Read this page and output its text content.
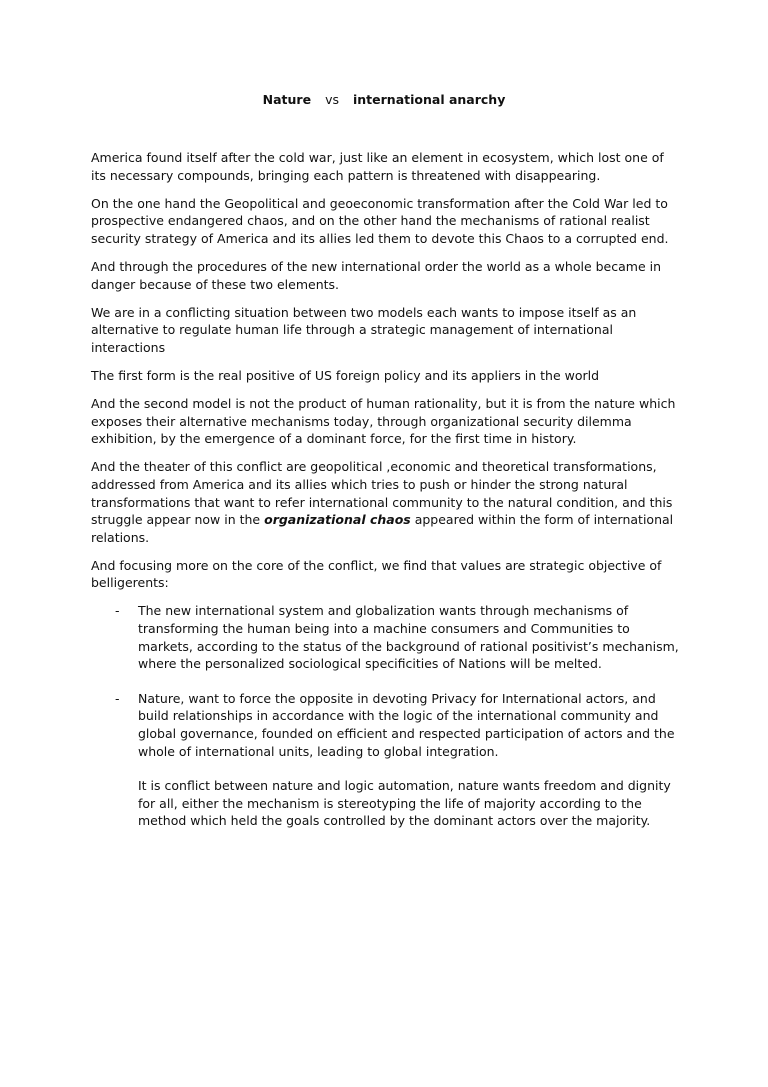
Nature vs international anarchy

America found itself after the cold war, just like an element in ecosystem, which lost one of its necessary compounds, bringing each pattern is threatened with disappearing.

On the one hand the Geopolitical and geoeconomic transformation after the Cold War led to prospective endangered chaos, and on the other hand the mechanisms of rational realist security strategy of America and its allies led them to devote this Chaos to a corrupted end.

And through the procedures of the new international order the world as a whole became in danger because of these two elements.

We are in a conflicting situation between two models each wants to impose itself as an alternative to regulate human life through a strategic management of international interactions

The first form is the real positive of US foreign policy and its appliers in the world

And the second model is not the product of human rationality, but it is from the nature which exposes their alternative mechanisms today, through organizational security dilemma exhibition, by the emergence of a dominant force, for the first time in history.

And the theater of this conflict are geopolitical ,economic and theoretical transformations, addressed from America and its allies which tries to push or hinder the strong natural transformations that want to refer international community to the natural condition, and this struggle appear now in the organizational chaos appeared within the form of international relations.

And focusing more on the core of the conflict, we find that values are strategic objective of belligerents:

- The new international system and globalization wants through mechanisms of transforming the human being into a machine consumers and Communities to markets, according to the status of the background of rational positivist’s mechanism, where the personalized sociological specificities of Nations will be melted.
- Nature, want to force the opposite in devoting Privacy for International actors, and build relationships in accordance with the logic of the international community and global governance, founded on efficient and respected participation of actors and the whole of international units, leading to global integration.

It is conflict between nature and logic automation, nature wants freedom and dignity for all, either the mechanism is stereotyping the life of majority according to the method which held the goals controlled by the dominant actors over the majority.
